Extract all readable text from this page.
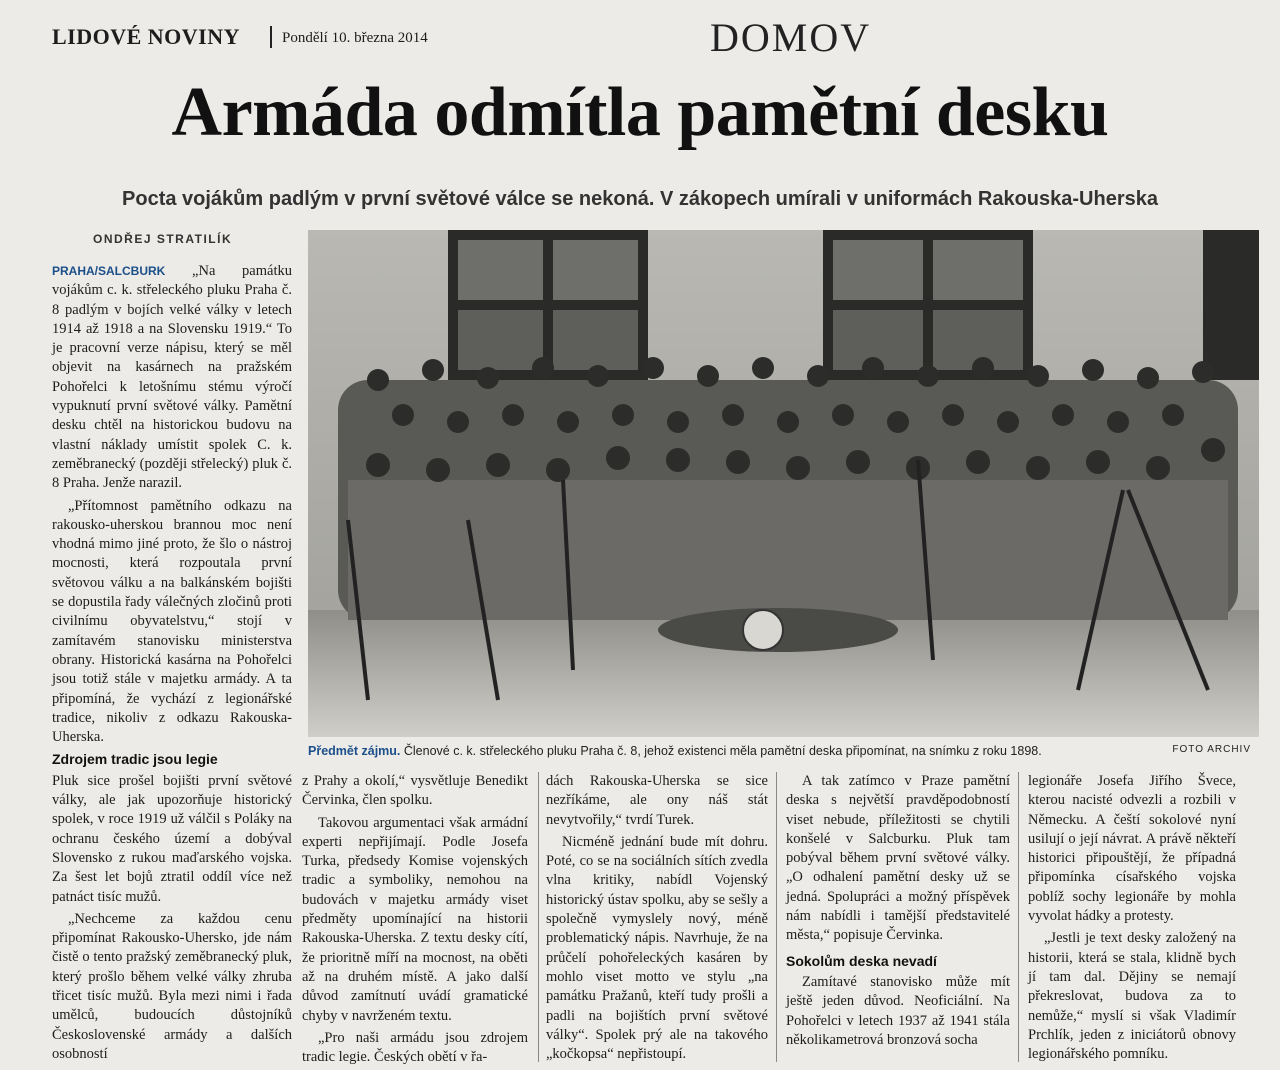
LIDOVÉ NOVINY	Pondělí 10. března 2014	DOMOV
Armáda odmítla pamětní desku
Pocta vojákům padlým v první světové válce se nekoná. V zákopech umírali v uniformách Rakouska-Uherska
ONDŘEJ STRATILÍK

PRAHA/SALCBURK „Na památku vojákům c. k. střeleckého pluku Praha č. 8 padlým v bojích velké války v letech 1914 až 1918 a na Slovensku 1919.“ To je pracovní verze nápisu, který se měl objevit na kasárnech na pražském Pohořelci k letošnímu stému výročí vypuknutí první světové války. Pamětní desku chtěl na historickou budovu na vlastní náklady umístit spolek C. k. zeměbranecký (později střelecký) pluk č. 8 Praha. Jenže narazil.

„Přítomnost pamětního odkazu na rakousko-uherskou brannou moc není vhodná mimo jiné proto, že šlo o nástroj mocnosti, která rozpoutala první světovou válku a na balkánském bojišti se dopustila řady válečných zločinů proti civilnímu obyvatelstvu,“ stojí v zamítavém stanovisku ministerstva obrany. Historická kasárna na Pohořelci jsou totiž stále v majetku armády. A ta připomíná, že vychází z legionářské tradice, nikoliv z odkazu Rakouska-Uherska.

Zdrojem tradic jsou legie

Pluk sice prošel bojišti první světové války, ale jak upozorňuje historický spolek, v roce 1919 už válčil s Poláky na ochranu českého území a dobýval Slovensko z rukou maďarského vojska. Za šest let bojů ztratil oddíl více než patnáct tisíc mužů.

„Nechceme za každou cenu připomínat Rakousko-Uhersko, jde nám čistě o tento pražský zeměbranecký pluk, který prošlo během velké války zhruba třicet tisíc mužů. Byla mezi nimi i řada umělců, budoucích důstojníků Československé armády a dalších osobností

Předmět zájmu. Členové c. k. střeleckého pluku Praha č. 8, jehož existenci měla pamětní deska připomínat, na snímku z roku 1898.	FOTO ARCHIV

z Prahy a okolí,“ vysvětluje Benedikt Červinka, člen spolku.

Takovou argumentaci však armádní experti nepřijímají. Podle Josefa Turka, předsedy Komise vojenských tradic a symboliky, nemohou na budovách v majetku armády viset předměty upomínající na historii Rakouska-Uherska. Z textu desky cítí, že prioritně míří na mocnost, na oběti až na druhém místě. A jako další důvod zamítnutí uvádí gramatické chyby v navrženém textu.

„Pro naši armádu jsou zdrojem tradic legie. Českých obětí v řa-

dách Rakouska-Uherska se sice nezříkáme, ale ony náš stát nevytvořily,“ tvrdí Turek.

Nicméně jednání bude mít dohru. Poté, co se na sociálních sítích zvedla vlna kritiky, nabídl Vojenský historický ústav spolku, aby se sešly a společně vymyslely nový, méně problematický nápis. Navrhuje, že na průčelí pohořeleckých kasáren by mohlo viset motto ve stylu „na památku Pražanů, kteří tudy prošli a padli na bojištích první světové války“. Spolek prý ale na takového „kočkopsa“ nepřistoupí.

A tak zatímco v Praze pamětní deska s největší pravděpodobností viset nebude, příležitosti se chytili konšelé v Salcburku. Pluk tam pobýval během první světové války. „O odhalení pamětní desky už se jedná. Spolupráci a možný příspěvek nám nabídli i tamější představitelé města,“ popisuje Červinka.

Sokolům deska nevadí

Zamítavé stanovisko může mít ještě jeden důvod. Neoficiální. Na Pohořelci v letech 1937 až 1941 stála několikametrová bronzová socha

legionáře Josefa Jiřího Švece, kterou nacisté odvezli a rozbili v Německu. A čeští sokolové nyní usilují o její návrat. A právě někteří historici připouštějí, že případná připomínka císařského vojska poblíž sochy legionáře by mohla vyvolat hádky a protesty.

„Jestli je text desky založený na historii, která se stala, klidně bych jí tam dal. Dějiny se nemají překreslovat, budova za to nemůže,“ myslí si však Vladimír Prchlík, jeden z iniciátorů obnovy legionářského pomníku.
